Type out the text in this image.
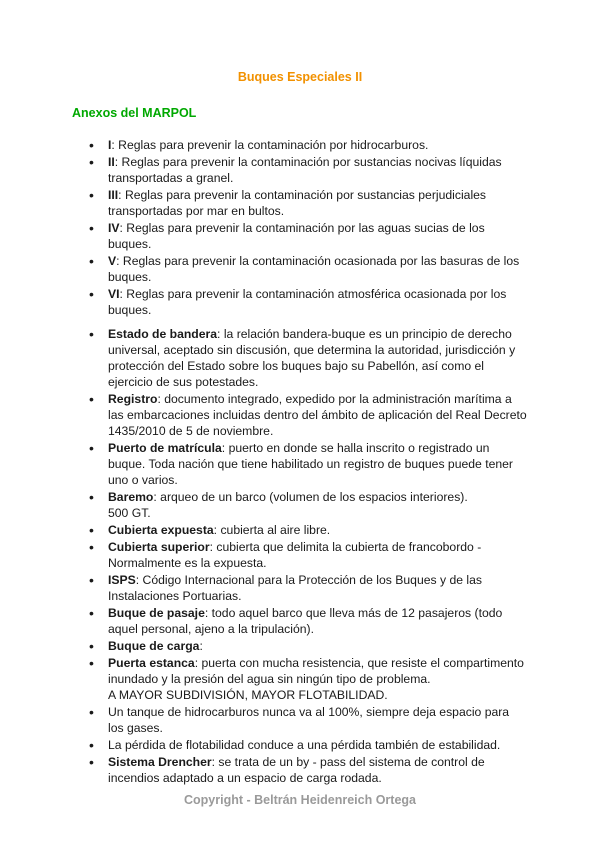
Buques Especiales II
Anexos del MARPOL
• I: Reglas para prevenir la contaminación por hidrocarburos.
• II: Reglas para prevenir la contaminación por sustancias nocivas líquidas transportadas a granel.
• III: Reglas para prevenir la contaminación por sustancias perjudiciales transportadas por mar en bultos.
• IV: Reglas para prevenir la contaminación por las aguas sucias de los buques.
• V: Reglas para prevenir la contaminación ocasionada por las basuras de los buques.
• VI: Reglas para prevenir la contaminación atmosférica ocasionada por los buques.
• Estado de bandera: la relación bandera-buque es un principio de derecho universal, aceptado sin discusión, que determina la autoridad, jurisdicción y protección del Estado sobre los buques bajo su Pabellón, así como el ejercicio de sus potestades.
• Registro: documento integrado, expedido por la administración marítima a las embarcaciones incluidas dentro del ámbito de aplicación del Real Decreto 1435/2010 de 5 de noviembre.
• Puerto de matrícula: puerto en donde se halla inscrito o registrado un buque. Toda nación que tiene habilitado un registro de buques puede tener uno o varios.
• Baremo: arqueo de un barco (volumen de los espacios interiores).
500 GT.
• Cubierta expuesta: cubierta al aire libre.
• Cubierta superior: cubierta que delimita la cubierta de francobordo - Normalmente es la expuesta.
• ISPS: Código Internacional para la Protección de los Buques y de las Instalaciones Portuarias.
• Buque de pasaje: todo aquel barco que lleva más de 12 pasajeros (todo aquel personal, ajeno a la tripulación).
• Buque de carga:
• Puerta estanca: puerta con mucha resistencia, que resiste el compartimento inundado y la presión del agua sin ningún tipo de problema.
A MAYOR SUBDIVISIÓN, MAYOR FLOTABILIDAD.
• Un tanque de hidrocarburos nunca va al 100%, siempre deja espacio para los gases.
• La pérdida de flotabilidad conduce a una pérdida también de estabilidad.
• Sistema Drencher: se trata de un by - pass del sistema de control de incendios adaptado a un espacio de carga rodada.
Copyright - Beltrán Heidenreich Ortega
